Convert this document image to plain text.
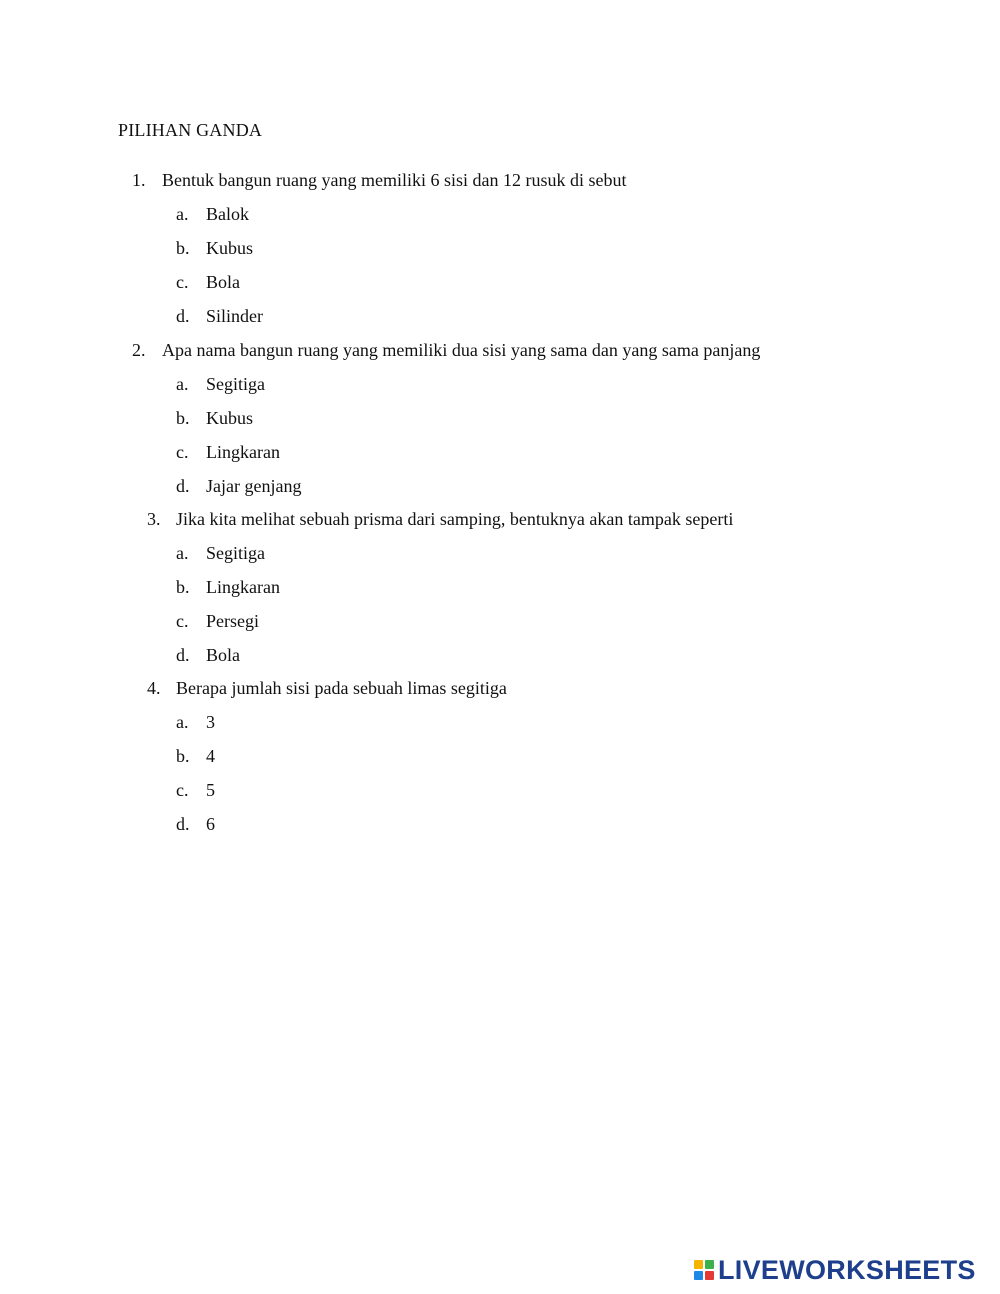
PILIHAN GANDA
1. Bentuk bangun ruang yang memiliki 6 sisi dan 12 rusuk di sebut
a. Balok
b. Kubus
c. Bola
d. Silinder
2. Apa nama bangun ruang yang memiliki dua sisi yang sama dan yang sama panjang
a. Segitiga
b. Kubus
c. Lingkaran
d. Jajar genjang
3. Jika kita melihat sebuah prisma dari samping, bentuknya akan tampak seperti
a. Segitiga
b. Lingkaran
c. Persegi
d. Bola
4. Berapa jumlah sisi pada sebuah limas segitiga
a. 3
b. 4
c. 5
d. 6
LIVEWORKSHEETS
